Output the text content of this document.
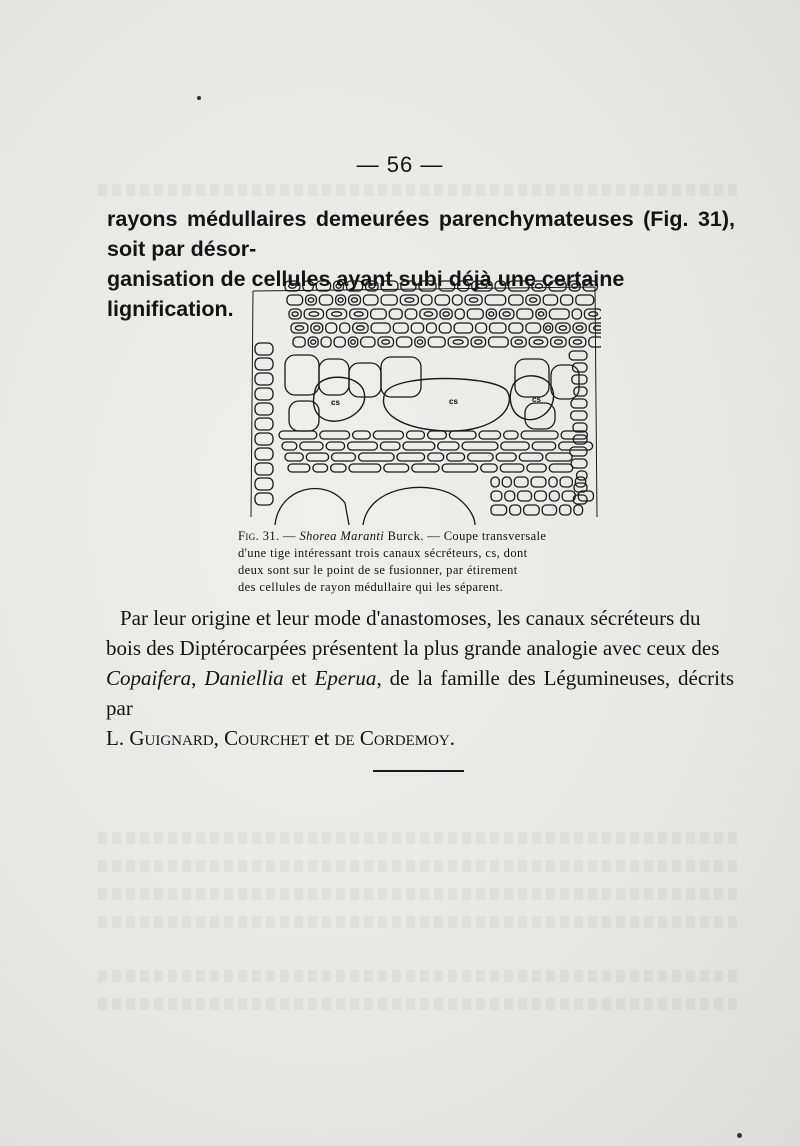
— 56 —
rayons médullaires demeurées parenchymateuses (Fig. 31), soit par désor-
ganisation de cellules ayant subi déjà une certaine lignification.
cs	cs	cs
Fig. 31. — Shorea Maranti Burck. — Coupe transversale
d'une tige intéressant trois canaux sécréteurs, cs, dont
deux sont sur le point de se fusionner, par étirement
des cellules de rayon médullaire qui les séparent.
Par leur origine et leur mode d'anastomoses, les canaux sécréteurs du
bois des Diptérocarpées présentent la plus grande analogie avec ceux des
Copaifera, Daniellia et Eperua, de la famille des Légumineuses, décrits par
L. Guignard, Courchet et de Cordemoy.
